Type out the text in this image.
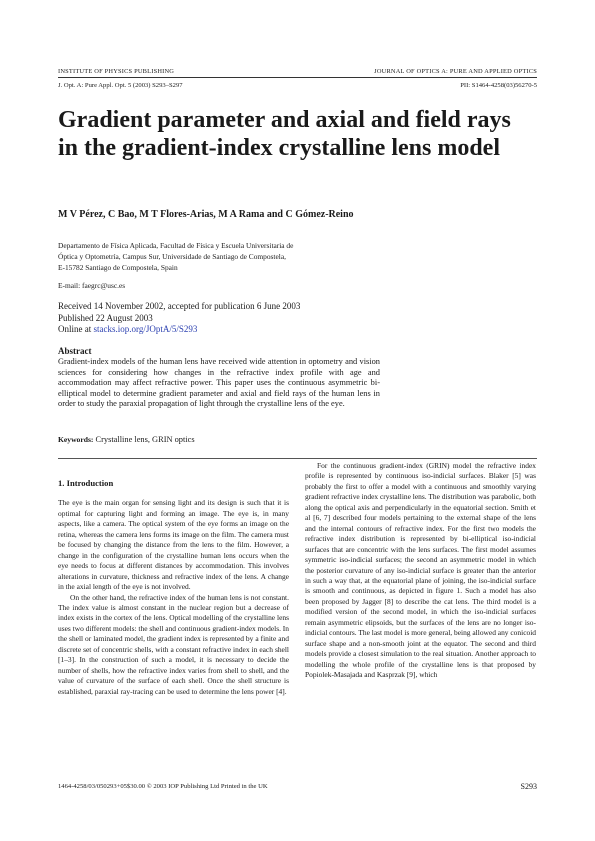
INSTITUTE OF PHYSICS PUBLISHING	JOURNAL OF OPTICS A: PURE AND APPLIED OPTICS
J. Opt. A: Pure Appl. Opt. 5 (2003) S293–S297	PII: S1464-4258(03)56270-5
Gradient parameter and axial and field rays in the gradient-index crystalline lens model
M V Pérez, C Bao, M T Flores-Arias, M A Rama and C Gómez-Reino
Departamento de Física Aplicada, Facultad de Física y Escuela Universitaria de
Óptica y Optometría, Campus Sur, Universidade de Santiago de Compostela,
E-15782 Santiago de Compostela, Spain
E-mail: faegrc@usc.es
Received 14 November 2002, accepted for publication 6 June 2003
Published 22 August 2003
Online at stacks.iop.org/JOptA/5/S293
Abstract
Gradient-index models of the human lens have received wide attention in optometry and vision sciences for considering how changes in the refractive index profile with age and accommodation may affect refractive power. This paper uses the continuous asymmetric bi-elliptical model to determine gradient parameter and axial and field rays of the human lens in order to study the paraxial propagation of light through the crystalline lens of the eye.
Keywords: Crystalline lens, GRIN optics
1. Introduction

The eye is the main organ for sensing light and its design is such that it is optimal for capturing light and forming an image. The eye is, in many aspects, like a camera. The optical system of the eye forms an image on the retina, whereas the camera lens forms its image on the film. The camera must be focused by changing the distance from the lens to the film. However, a change in the configuration of the crystalline human lens occurs when the eye needs to focus at different distances by accommodation. This involves alterations in curvature, thickness and refractive index of the lens. A change in the axial length of the eye is not involved.

On the other hand, the refractive index of the human lens is not constant. The index value is almost constant in the nuclear region but a decrease of index exists in the cortex of the lens. Optical modelling of the crystalline lens uses two different models: the shell and continuous gradient-index models. In the shell or laminated model, the gradient index is represented by a finite and discrete set of concentric shells, with a constant refractive index in each shell [1–3]. In the construction of such a model, it is necessary to decide the number of shells, how the refractive index varies from shell to shell, and the value of curvature of the surface of each shell. Once the shell structure is established, paraxial ray-tracing can be used to determine the lens power [4].

For the continuous gradient-index (GRIN) model the refractive index profile is represented by continuous iso-indicial surfaces. Blaker [5] was probably the first to offer a model with a continuous and smoothly varying gradient refractive index crystalline lens. The distribution was parabolic, both along the optical axis and perpendicularly in the equatorial section. Smith et al [6, 7] described four models pertaining to the external shape of the lens and the internal contours of refractive index. For the first two models the refractive index distribution is represented by bi-elliptical iso-indicial surfaces that are concentric with the lens surfaces. The first model assumes symmetric iso-indicial surfaces; the second an asymmetric model in which the posterior curvature of any iso-indicial surface is greater than the anterior in such a way that, at the equatorial plane of joining, the iso-indicial surface is smooth and continuous, as depicted in figure 1. Such a model has also been proposed by Jagger [8] to describe the cat lens. The third model is a modified version of the second model, in which the iso-indicial surfaces remain asymmetric elipsoids, but the surfaces of the lens are no longer iso-indicial contours. The last model is more general, being allowed any conicoid surface shape and a non-smooth joint at the equator. The second and third models provide a closest simulation to the real situation. Another approach to modelling the whole profile of the crystalline lens is that proposed by Popiolek-Masajada and Kasprzak [9], which

1464-4258/03/050293+05$30.00 © 2003 IOP Publishing Ltd Printed in the UK	S293
